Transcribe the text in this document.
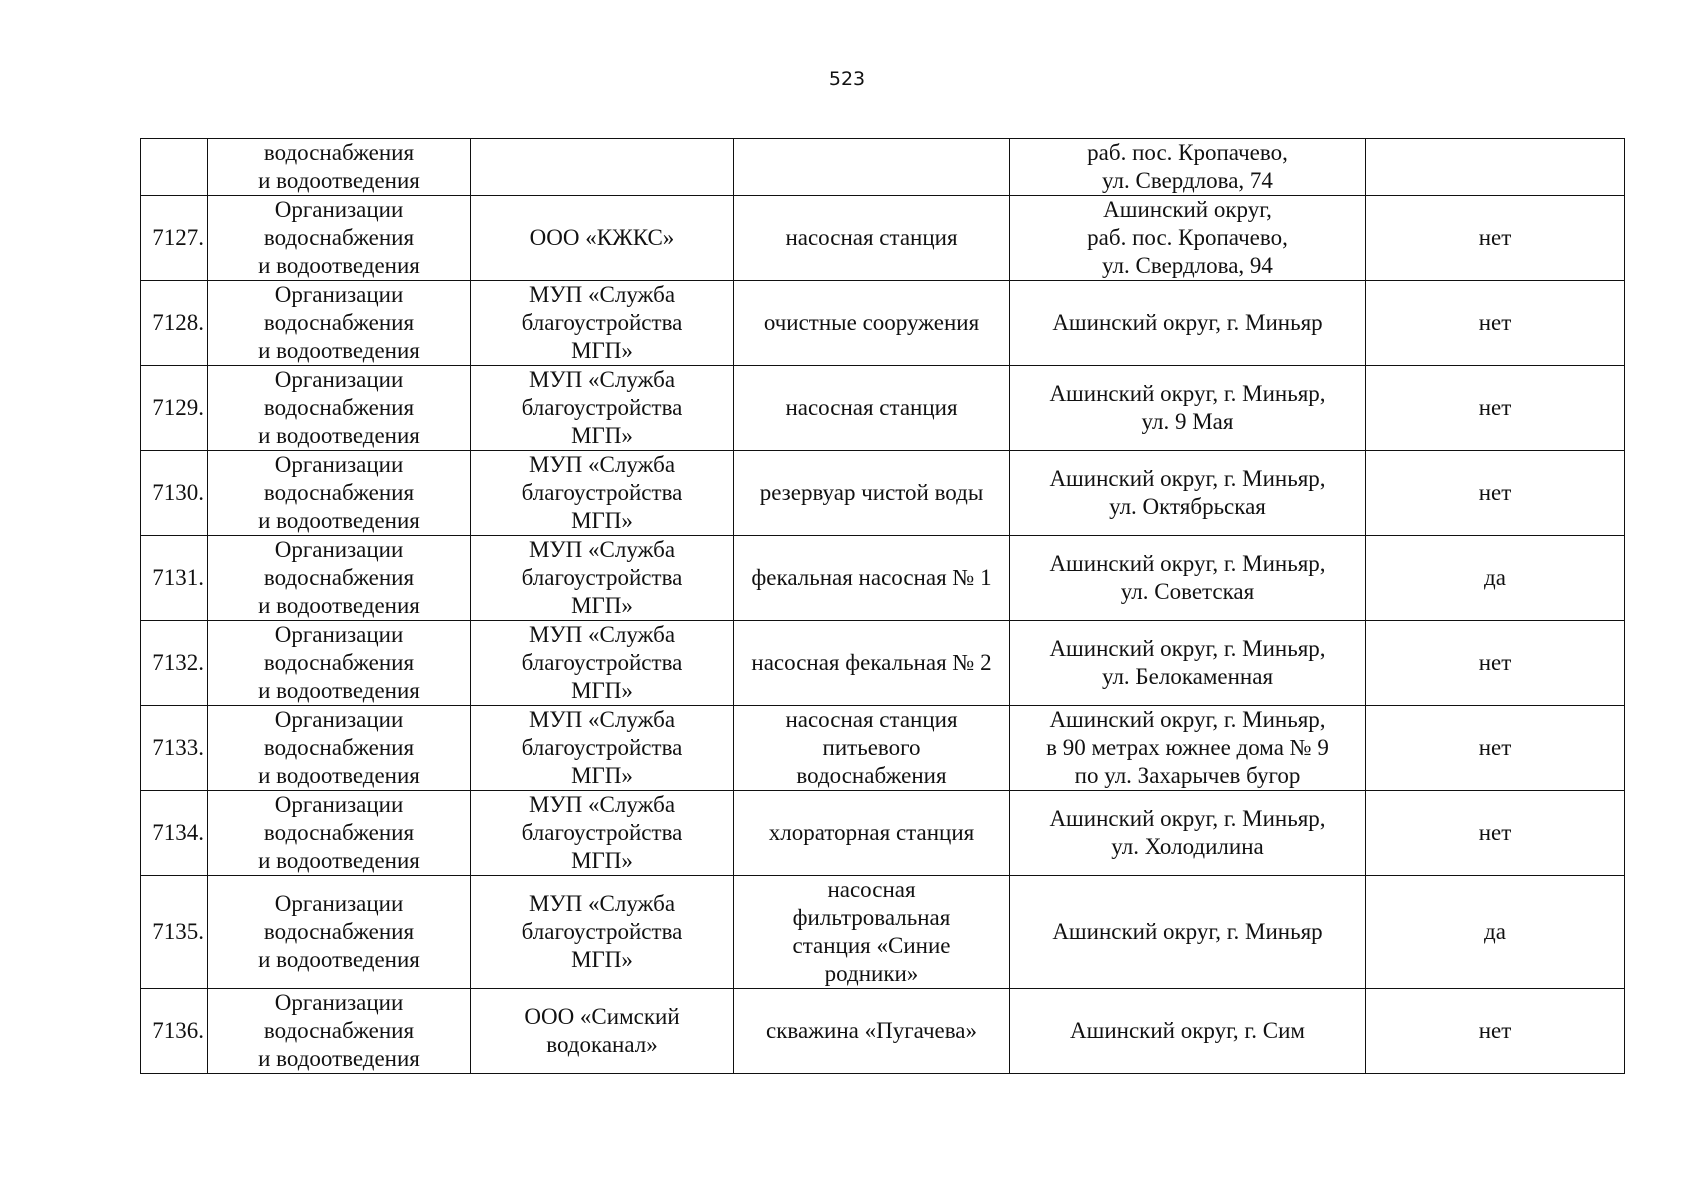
523
	водоснабжения
и водоотведения			раб. пос. Кропачево,
ул. Свердлова, 74	
7127.	Организации
водоснабжения
и водоотведения	ООО «КЖКС»	насосная станция	Ашинский округ,
раб. пос. Кропачево,
ул. Свердлова, 94	нет
7128.	Организации
водоснабжения
и водоотведения	МУП «Служба
благоустройства
МГП»	очистные сооружения	Ашинский округ, г. Миньяр	нет
7129.	Организации
водоснабжения
и водоотведения	МУП «Служба
благоустройства
МГП»	насосная станция	Ашинский округ, г. Миньяр,
ул. 9 Мая	нет
7130.	Организации
водоснабжения
и водоотведения	МУП «Служба
благоустройства
МГП»	резервуар чистой воды	Ашинский округ, г. Миньяр,
ул. Октябрьская	нет
7131.	Организации
водоснабжения
и водоотведения	МУП «Служба
благоустройства
МГП»	фекальная насосная № 1	Ашинский округ, г. Миньяр,
ул. Советская	да
7132.	Организации
водоснабжения
и водоотведения	МУП «Служба
благоустройства
МГП»	насосная фекальная № 2	Ашинский округ, г. Миньяр,
ул. Белокаменная	нет
7133.	Организации
водоснабжения
и водоотведения	МУП «Служба
благоустройства
МГП»	насосная станция
питьевого
водоснабжения	Ашинский округ, г. Миньяр,
в 90 метрах южнее дома № 9
по ул. Захарычев бугор	нет
7134.	Организации
водоснабжения
и водоотведения	МУП «Служба
благоустройства
МГП»	хлораторная станция	Ашинский округ, г. Миньяр,
ул. Холодилина	нет
7135.	Организации
водоснабжения
и водоотведения	МУП «Служба
благоустройства
МГП»	насосная
фильтровальная
станция «Синие
родники»	Ашинский округ, г. Миньяр	да
7136.	Организации
водоснабжения
и водоотведения	ООО «Симский
водоканал»	скважина «Пугачева»	Ашинский округ, г. Сим	нет
